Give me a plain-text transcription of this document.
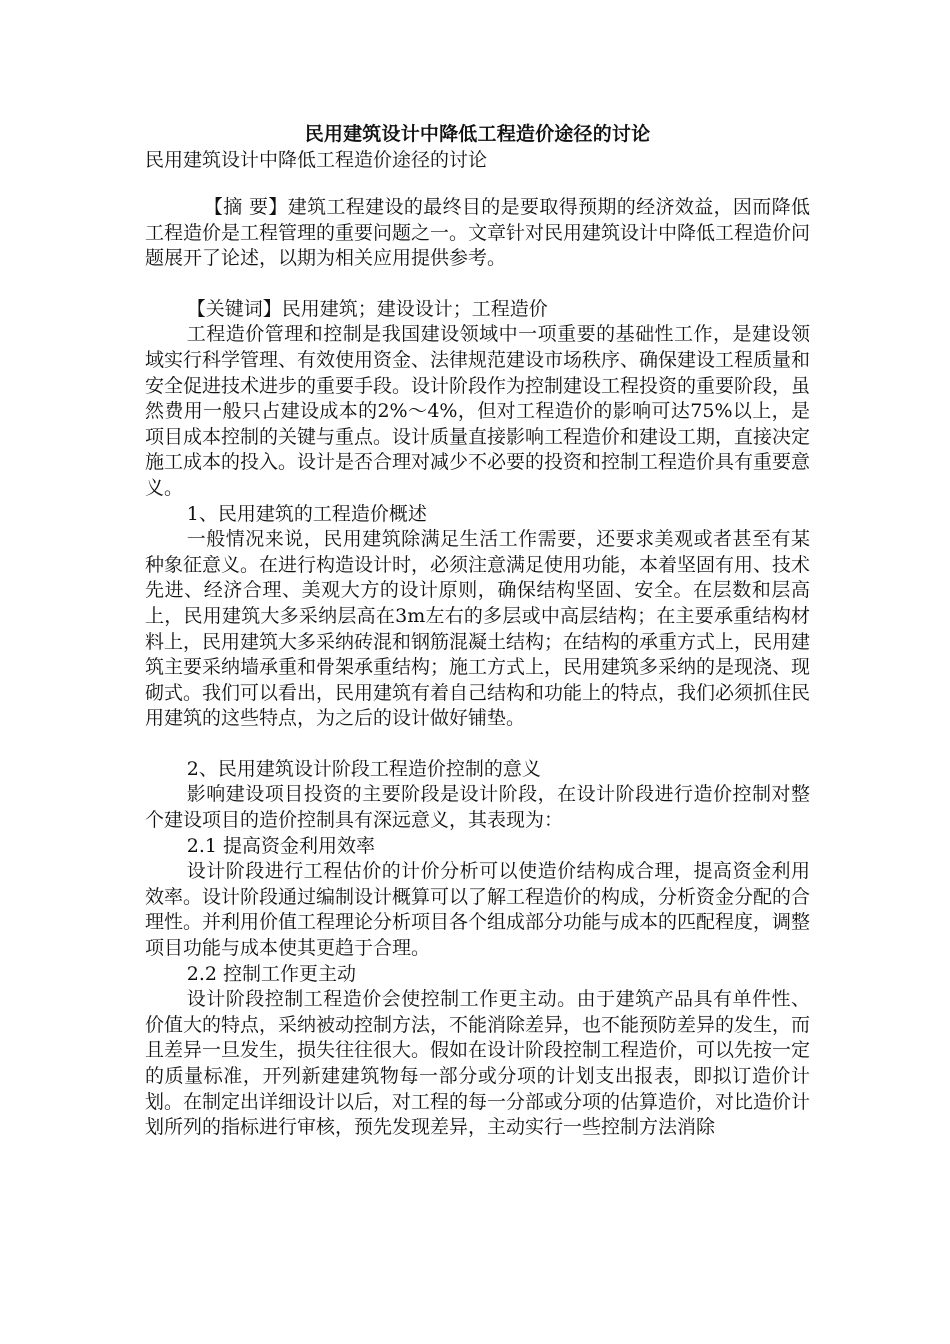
民用建筑设计中降低工程造价途径的讨论
民用建筑设计中降低工程造价途径的讨论

【摘 要】建筑工程建设的最终目的是要取得预期的经济效益，因而降低工程造价是工程管理的重要问题之一。文章针对民用建筑设计中降低工程造价问题展开了论述，以期为相关应用提供参考。

【关键词】民用建筑；建设设计；工程造价

工程造价管理和控制是我国建设领域中一项重要的基础性工作，是建设领域实行科学管理、有效使用资金、法律规范建设市场秩序、确保建设工程质量和安全促进技术进步的重要手段。设计阶段作为控制建设工程投资的重要阶段，虽然费用一般只占建设成本的2%～4%，但对工程造价的影响可达75%以上，是项目成本控制的关键与重点。设计质量直接影响工程造价和建设工期，直接决定施工成本的投入。设计是否合理对减少不必要的投资和控制工程造价具有重要意义。

1、民用建筑的工程造价概述

一般情况来说，民用建筑除满足生活工作需要，还要求美观或者甚至有某种象征意义。在进行构造设计时，必须注意满足使用功能，本着坚固有用、技术先进、经济合理、美观大方的设计原则，确保结构坚固、安全。在层数和层高上，民用建筑大多采纳层高在3m左右的多层或中高层结构；在主要承重结构材料上，民用建筑大多采纳砖混和钢筋混凝土结构；在结构的承重方式上，民用建筑主要采纳墙承重和骨架承重结构；施工方式上，民用建筑多采纳的是现浇、现砌式。我们可以看出，民用建筑有着自己结构和功能上的特点，我们必须抓住民用建筑的这些特点，为之后的设计做好铺垫。

2、民用建筑设计阶段工程造价控制的意义

影响建设项目投资的主要阶段是设计阶段，在设计阶段进行造价控制对整个建设项目的造价控制具有深远意义，其表现为：

2.1 提高资金利用效率

设计阶段进行工程估价的计价分析可以使造价结构成合理，提高资金利用效率。设计阶段通过编制设计概算可以了解工程造价的构成，分析资金分配的合理性。并利用价值工程理论分析项目各个组成部分功能与成本的匹配程度，调整项目功能与成本使其更趋于合理。

2.2 控制工作更主动

设计阶段控制工程造价会使控制工作更主动。由于建筑产品具有单件性、价值大的特点，采纳被动控制方法，不能消除差异，也不能预防差异的发生，而且差异一旦发生，损失往往很大。假如在设计阶段控制工程造价，可以先按一定的质量标准，开列新建建筑物每一部分或分项的计划支出报表，即拟订造价计划。在制定出详细设计以后，对工程的每一分部或分项的估算造价，对比造价计划所列的指标进行审核，预先发现差异，主动实行一些控制方法消除
